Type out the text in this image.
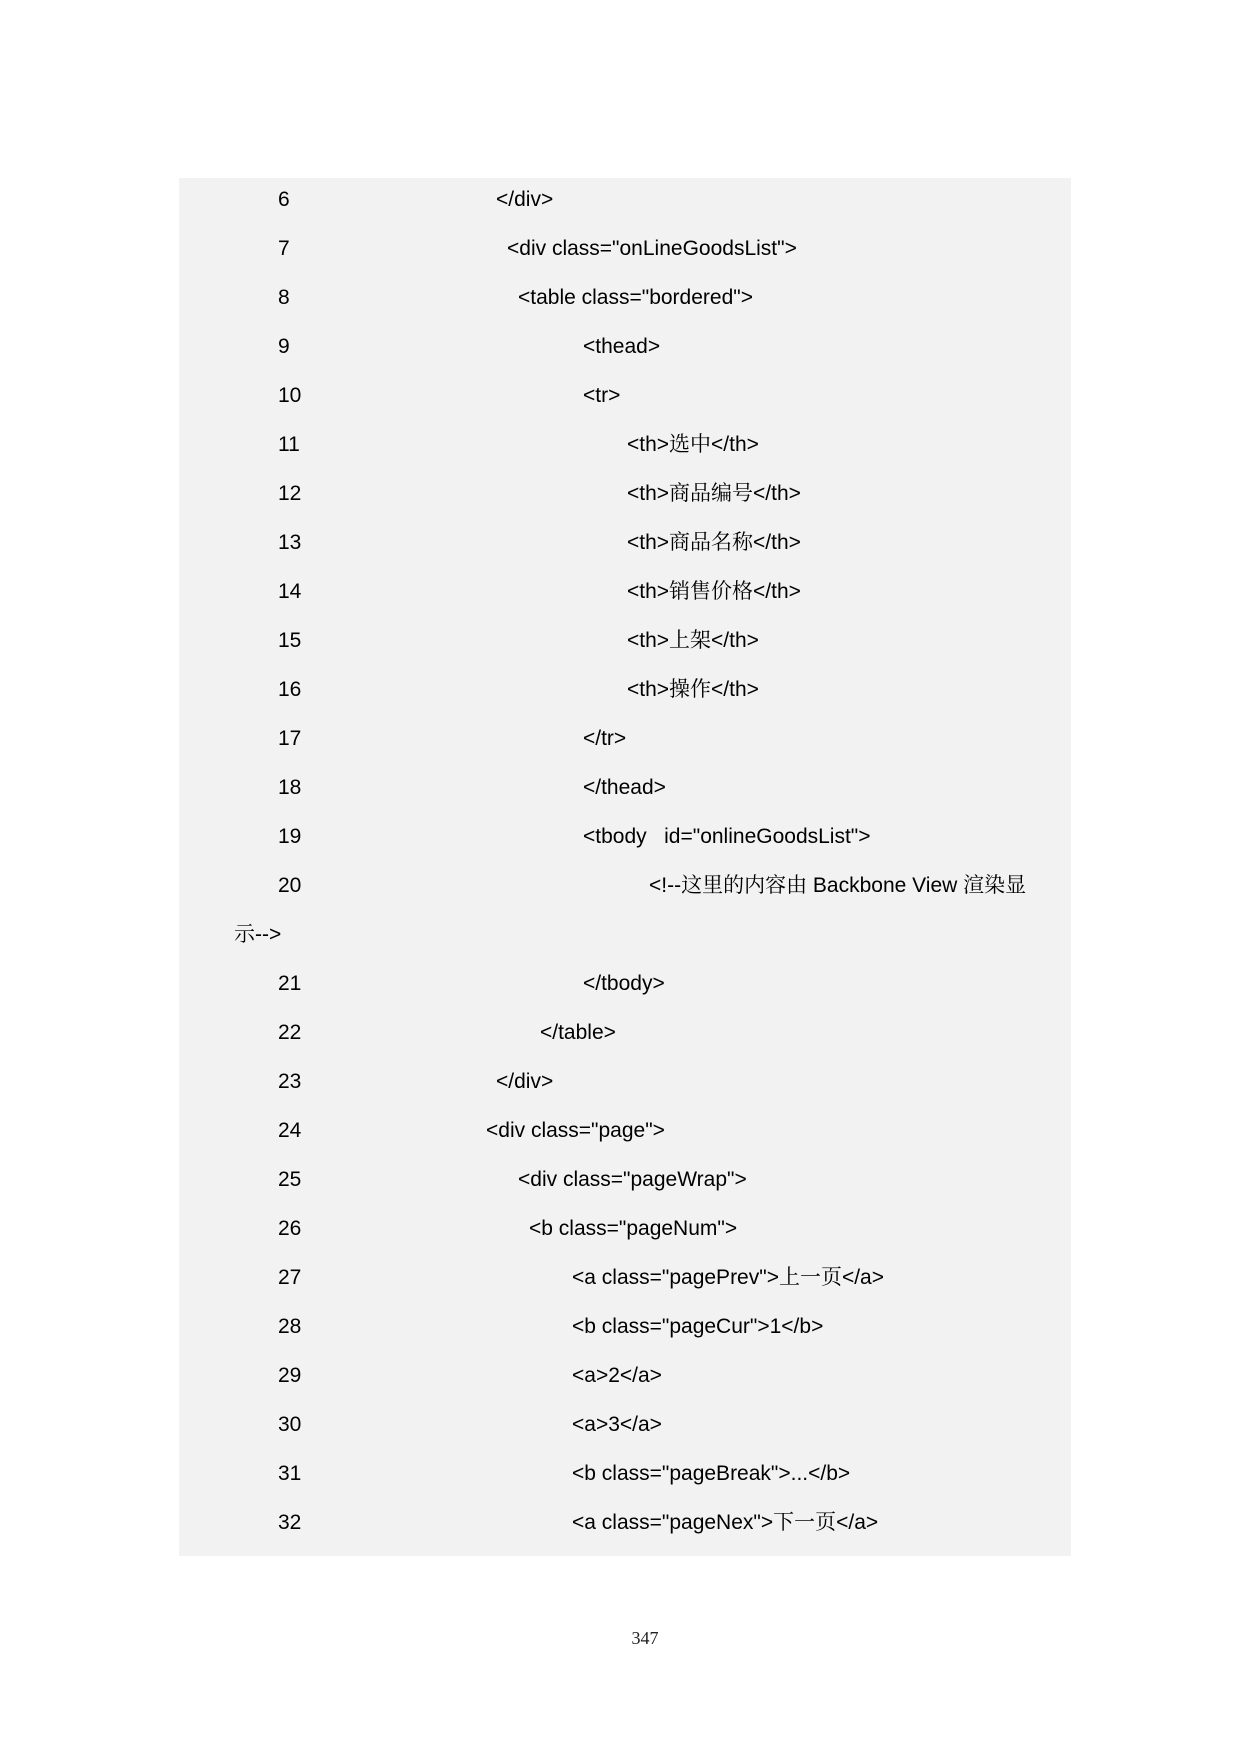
6	</div>
7	<div class="onLineGoodsList">
8	<table class="bordered">
9	<thead>
10	<tr>
11	<th>选中</th>
12	<th>商品编号</th>
13	<th>商品名称</th>
14	<th>销售价格</th>
15	<th>上架</th>
16	<th>操作</th>
17	</tr>
18	</thead>
19	<tbody   id="onlineGoodsList">
20	<!--这里的内容由 Backbone View 渲染显
示-->
21	</tbody>
22	</table>
23	</div>
24	<div class="page">
25	<div class="pageWrap">
26	<b class="pageNum">
27	<a class="pagePrev">上一页</a>
28	<b class="pageCur">1</b>
29	<a>2</a>
30	<a>3</a>
31	<b class="pageBreak">...</b>
32	<a class="pageNex">下一页</a>
347
